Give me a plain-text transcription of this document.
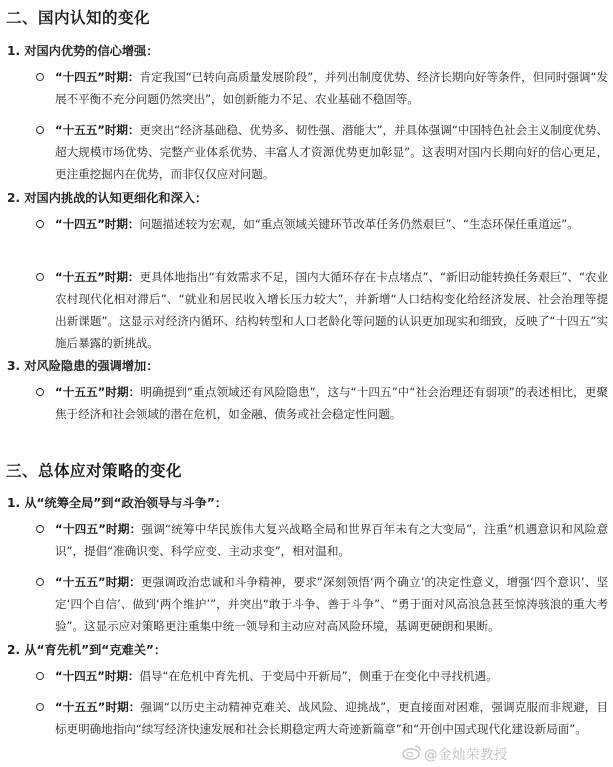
二、国内认知的变化
1. 对国内优势的信心增强：
“十四五”时期：肯定我国“已转向高质量发展阶段”，并列出制度优势、经济长期向好等条件，但同时强调“发展不平衡不充分问题仍然突出”，如创新能力不足、农业基础不稳固等。
“十五五”时期：更突出“经济基础稳、优势多、韧性强、潜能大”，并具体强调“中国特色社会主义制度优势、超大规模市场优势、完整产业体系优势、丰富人才资源优势更加彰显”。这表明对国内长期向好的信心更足，更注重挖掘内在优势，而非仅仅应对问题。
2. 对国内挑战的认知更细化和深入：
“十四五”时期：问题描述较为宏观，如“重点领域关键环节改革任务仍然艰巨”、“生态环保任重道远”。
“十五五”时期：更具体地指出“有效需求不足，国内大循环存在卡点堵点”、“新旧动能转换任务艰巨”、“农业农村现代化相对滞后”、“就业和居民收入增长压力较大”，并新增“人口结构变化给经济发展、社会治理等提出新课题”。这显示对经济内循环、结构转型和人口老龄化等问题的认识更加现实和细致，反映了“十四五”实施后暴露的新挑战。
3. 对风险隐患的强调增加：
“十五五”时期：明确提到“重点领域还有风险隐患”，这与“十四五”中“社会治理还有弱项”的表述相比，更聚焦于经济和社会领域的潜在危机，如金融、债务或社会稳定性问题。
三、总体应对策略的变化
1. 从“统筹全局”到“政治领导与斗争”：
“十四五”时期：强调“统筹中华民族伟大复兴战略全局和世界百年未有之大变局”，注重“机遇意识和风险意识”，提倡“准确识变、科学应变、主动求变”，相对温和。
“十五五”时期：更强调政治忠诚和斗争精神，要求“深刻领悟‘两个确立’的决定性意义，增强‘四个意识’、坚定‘四个自信’、做到‘两个维护’”，并突出“敢于斗争、善于斗争”、“勇于面对风高浪急甚至惊涛骇浪的重大考验”。这显示应对策略更注重集中统一领导和主动应对高风险环境，基调更硬朗和果断。
2. 从“育先机”到“克难关”：
“十四五”时期：倡导“在危机中育先机、于变局中开新局”，侧重于在变化中寻找机遇。
“十五五”时期：强调“以历史主动精神克难关、战风险、迎挑战”，更直接面对困难，强调克服而非规避，目标更明确地指向“续写经济快速发展和社会长期稳定两大奇迹新篇章”和“开创中国式现代化建设新局面”。
@金灿荣教授
